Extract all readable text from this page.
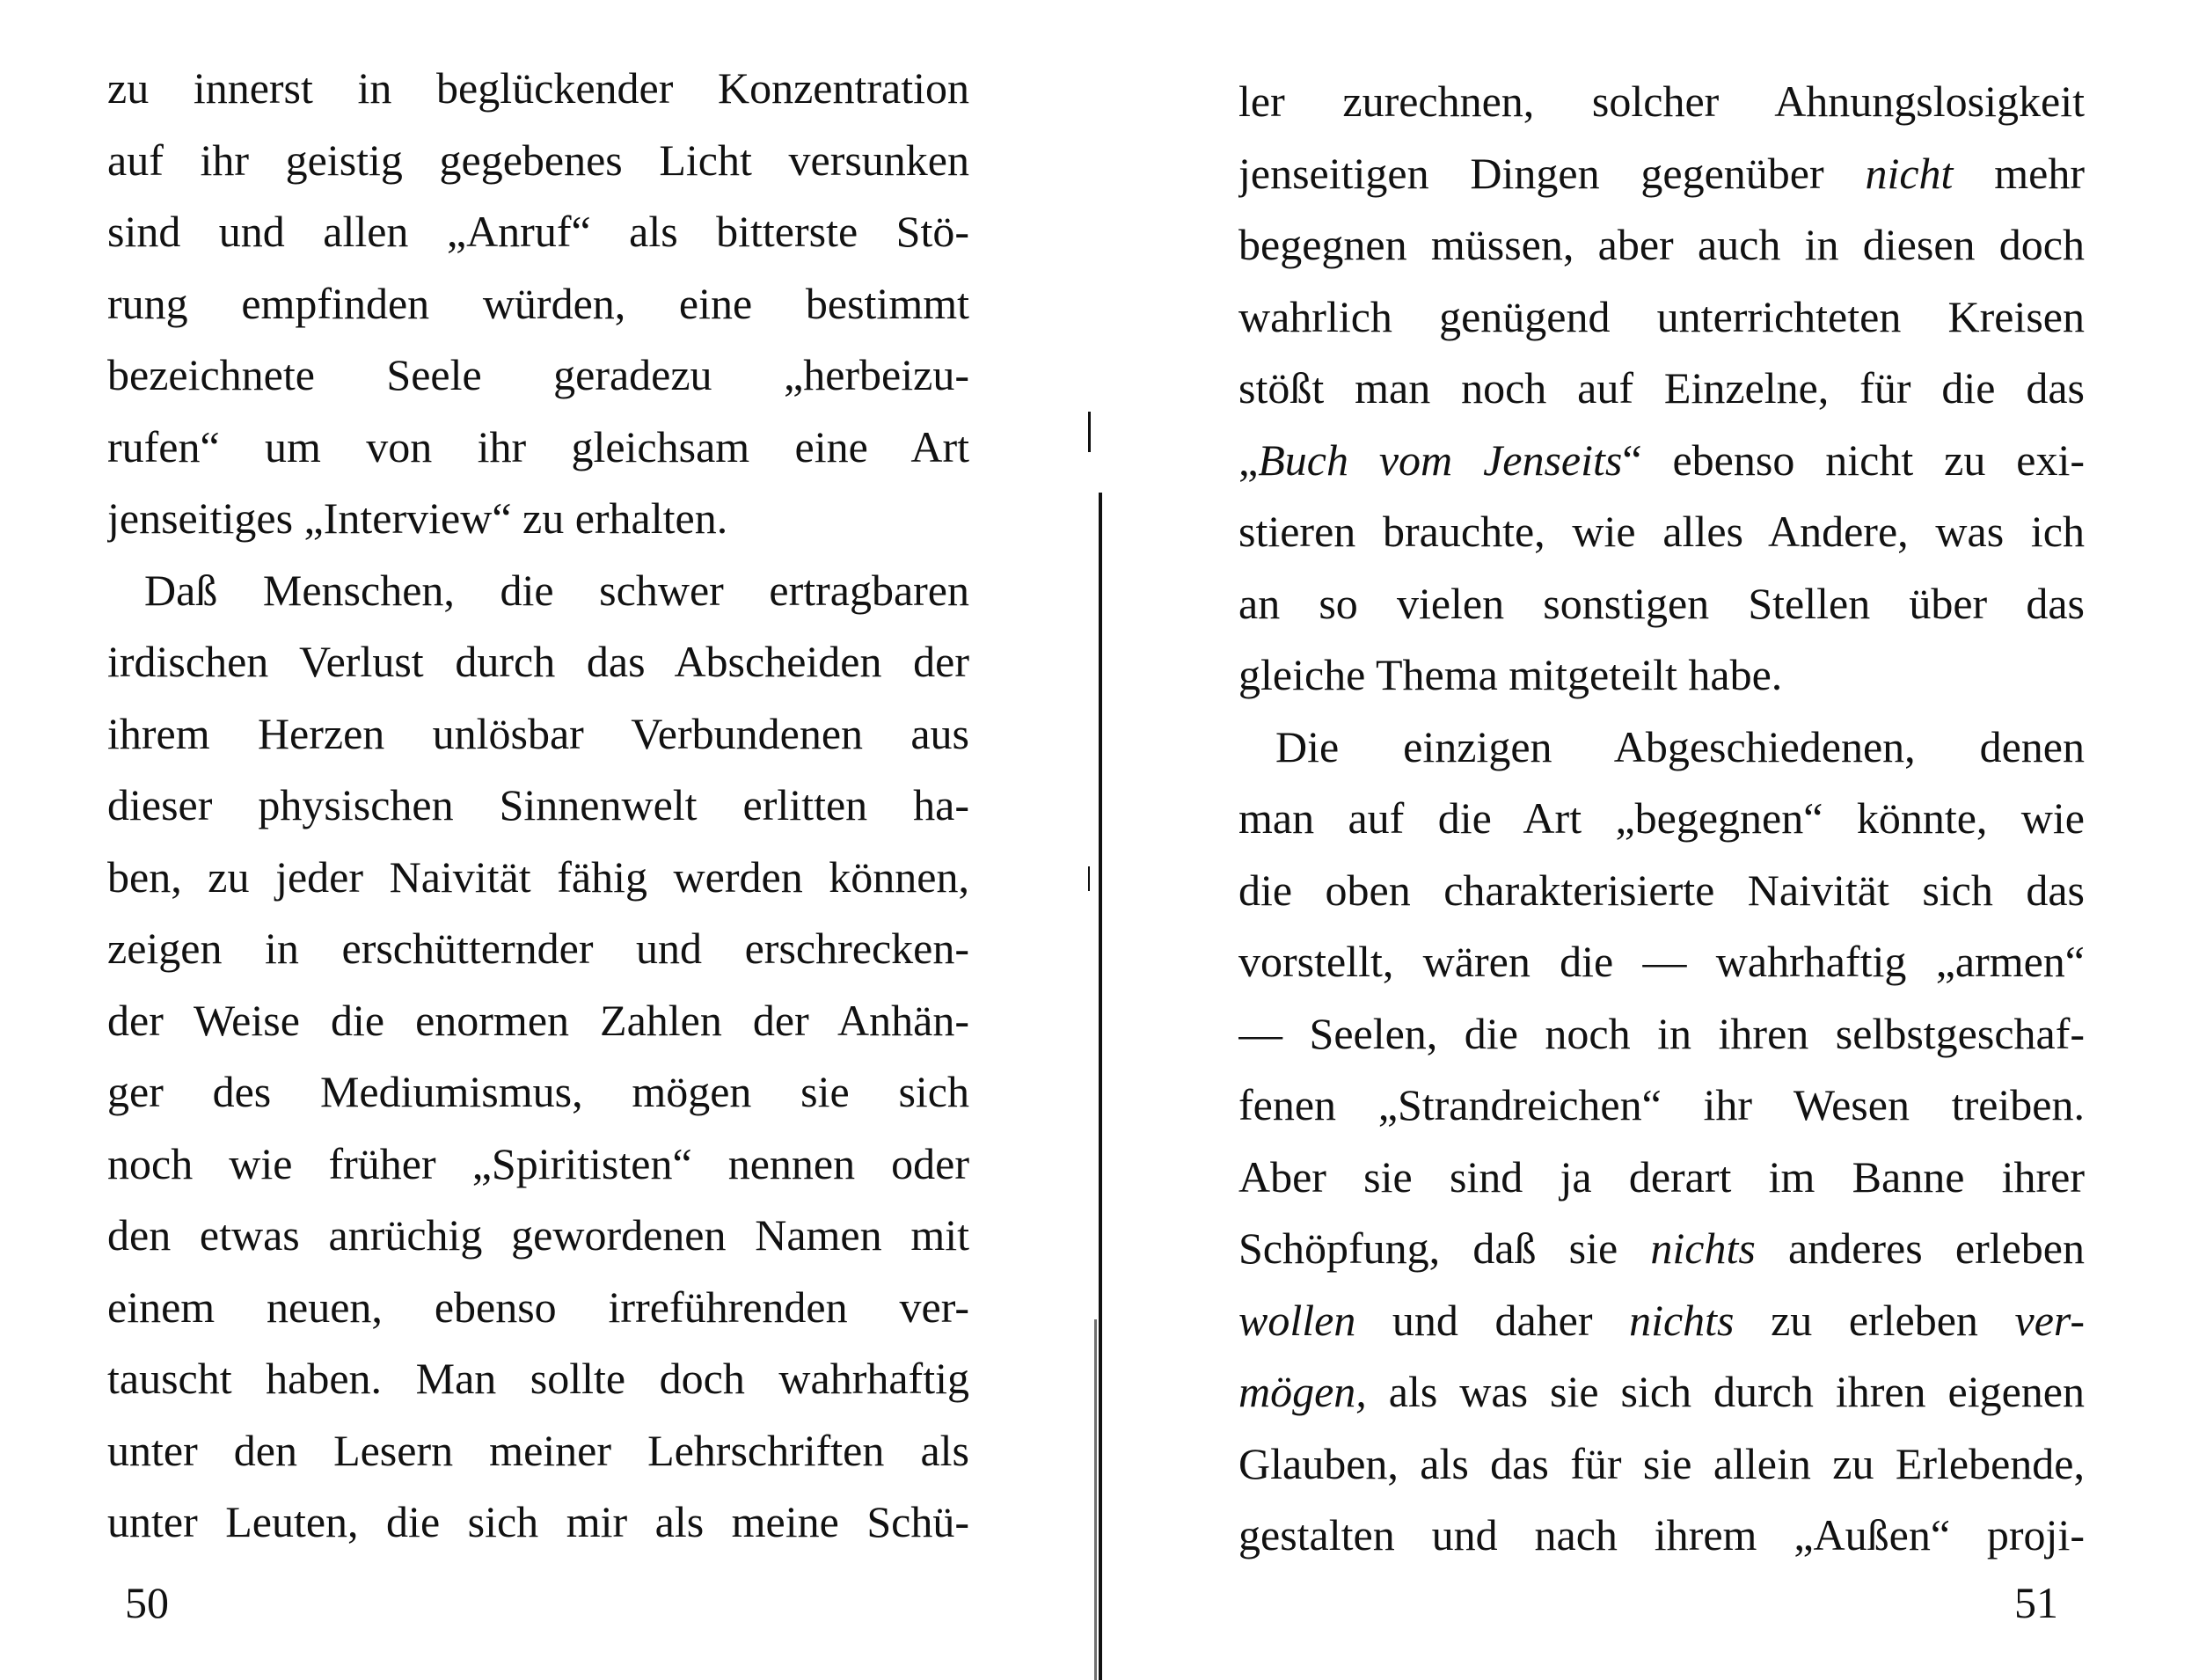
zu innerst in beglückender Konzentration
auf ihr geistig gegebenes Licht versunken
sind und allen „Anruf“ als bitterste Stö-
rung empfinden würden, eine bestimmt
bezeichnete Seele geradezu „herbeizu-
rufen“ um von ihr gleichsam eine Art
jenseitiges „Interview“ zu erhalten.
Daß Menschen, die schwer ertragbaren
irdischen Verlust durch das Abscheiden der
ihrem Herzen unlösbar Verbundenen aus
dieser physischen Sinnenwelt erlitten ha-
ben, zu jeder Naivität fähig werden können,
zeigen in erschütternder und erschrecken-
der Weise die enormen Zahlen der Anhän-
ger des Mediumismus, mögen sie sich
noch wie früher „Spiritisten“ nennen oder
den etwas anrüchig gewordenen Namen mit
einem neuen, ebenso irreführenden ver-
tauscht haben. Man sollte doch wahrhaftig
unter den Lesern meiner Lehrschriften als
unter Leuten, die sich mir als meine Schü-
50
ler zurechnen, solcher Ahnungslosigkeit
jenseitigen Dingen gegenüber nicht mehr
begegnen müssen, aber auch in diesen doch
wahrlich genügend unterrichteten Kreisen
stößt man noch auf Einzelne, für die das
„Buch vom Jenseits“ ebenso nicht zu exi-
stieren brauchte, wie alles Andere, was ich
an so vielen sonstigen Stellen über das
gleiche Thema mitgeteilt habe.
Die einzigen Abgeschiedenen, denen
man auf die Art „begegnen“ könnte, wie
die oben charakterisierte Naivität sich das
vorstellt, wären die — wahrhaftig „armen“
— Seelen, die noch in ihren selbstgeschaf-
fenen „Strandreichen“ ihr Wesen treiben.
Aber sie sind ja derart im Banne ihrer
Schöpfung, daß sie nichts anderes erleben
wollen und daher nichts zu erleben ver-
mögen, als was sie sich durch ihren eigenen
Glauben, als das für sie allein zu Erlebende,
gestalten und nach ihrem „Außen“ proji-
51
